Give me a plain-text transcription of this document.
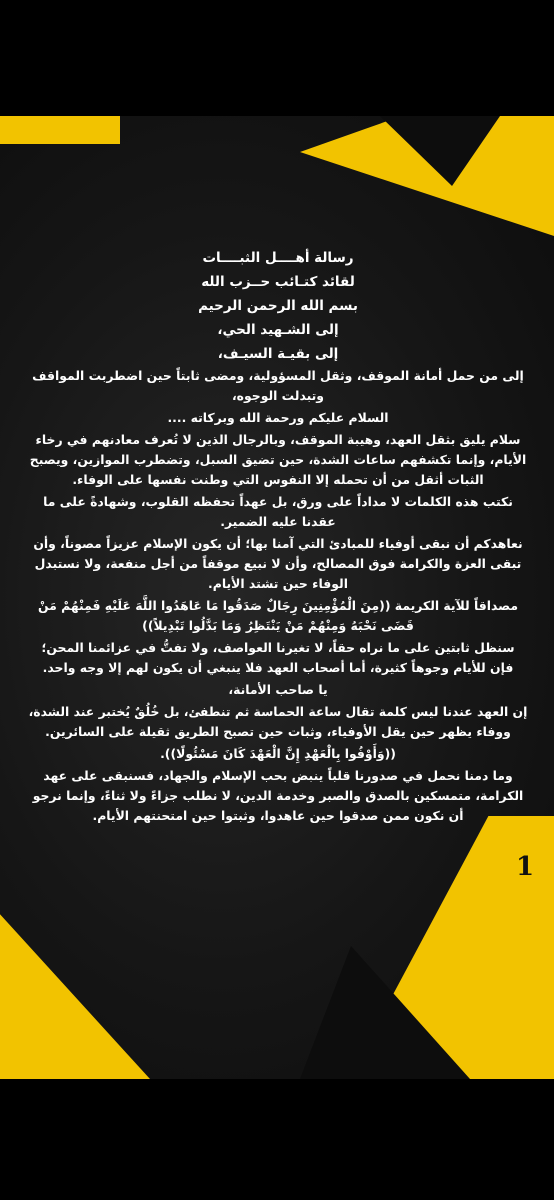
رسالة أهــــل الثبــــات
لقائد كتـائب حــزب الله
بسم الله الرحمن الرحيم
إلى الشـهيد الحي،
إلى بقيـة السيـف،

إلى من حمل أمانة الموقف، وثقل المسؤولية، ومضى ثابتاً حين اضطربت المواقف وتبدلت الوجوه،

السلام عليكم ورحمة الله وبركاته ....

سلام يليق بثقل العهد، وهيبة الموقف، وبالرجال الذين لا تُعرف معادنهم في رخاء الأيام، وإنما تكشفهم ساعات الشدة، حين تضيق السبل، وتضطرب الموازين، ويصبح الثبات أثقل من أن تحمله إلا النفوس التي وطنت نفسها على الوفاء.

نكتب هذه الكلمات لا مداداً على ورق، بل عهداً تحفظه القلوب، وشهادةً على ما عقدنا عليه الضمير.

نعاهدكم أن نبقى أوفياء للمبادئ التي آمنا بها؛ أن يكون الإسلام عزيزاً مصوناً، وأن تبقى العزة والكرامة فوق المصالح، وأن لا نبيع موقفاً من أجل منفعة، ولا نستبدل الوفاء حين تشتد الأيام.

مصداقاً للآية الكريمة ((مِنَ الْمُؤْمِنِينَ رِجَالٌ صَدَقُوا مَا عَاهَدُوا اللَّهَ عَلَيْهِ فَمِنْهُمْ مَنْ قَضَى نَحْبَهُ وَمِنْهُمْ مَنْ يَنْتَظِرُ وَمَا بَدَّلُوا تَبْدِيلاً))

سنظل ثابتين على ما نراه حقاً، لا تغيرنا العواصف، ولا تفتُّ في عزائمنا المحن؛ فإن للأيام وجوهاً كثيرة، أما أصحاب العهد فلا ينبغي أن يكون لهم إلا وجه واحد.

يا صاحب الأمانة،

إن العهد عندنا ليس كلمة تقال ساعة الحماسة ثم تنطفئ، بل خُلُقٌ يُختبر عند الشدة، ووفاء يظهر حين يقل الأوفياء، وثبات حين تصبح الطريق ثقيلة على السائرين.

((وَأَوْفُوا بِالْعَهْدِ إِنَّ الْعَهْدَ كَانَ مَسْئُولًا)).

وما دمنا نحمل في صدورنا قلباً ينبض بحب الإسلام والجهاد، فسنبقى على عهد الكرامة، متمسكين بالصدق والصبر وخدمة الدين، لا نطلب جزاءً ولا ثناءً، وإنما نرجو أن نكون ممن صدقوا حين عاهدوا، وثبتوا حين امتحنتهم الأيام.

1
